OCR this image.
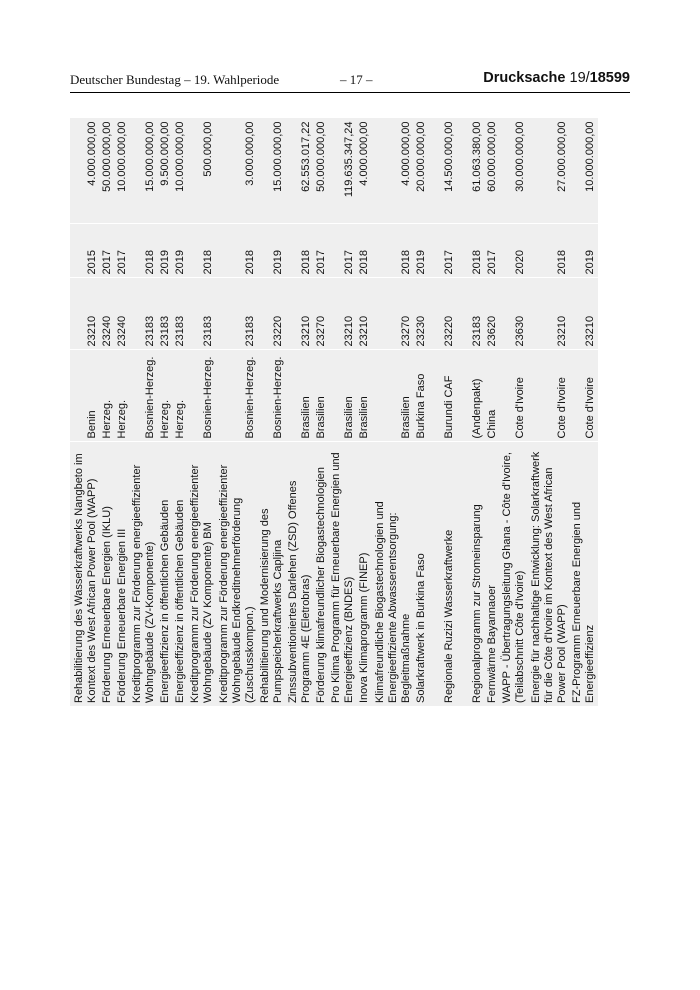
Deutscher Bundestag – 19. Wahlperiode	– 17 –	Drucksache 19/18599
Rehabilitierung des Wasserkraftwerks Nangbeto im Kontext des West African Power Pool (WAPP)	Benin	23210	2015	4.000.000,00
Förderung Erneuerbare Energien (IKLU)	Herzeg.	23240	2017	50.000.000,00
Förderung Erneuerbare Energien III	Herzeg.	23240	2017	10.000.000,00
Kreditprogramm zur Förderung energieeffizienter Wohngebäude (ZV-Komponente)	Bosnien-Herzeg.	23183	2018	15.000.000,00
Energieeffizienz in öffentlichen Gebäuden	Herzeg.	23183	2019	9.500.000,00
Energieeffizienz in öffentlichen Gebäuden	Herzeg.	23183	2019	10.000.000,00
Kreditprogramm zur Förderung energieeffizienter Wohngebäude (ZV Komponente) BM	Bosnien-Herzeg.	23183	2018	500.000,00
Kreditprogramm zur Förderung energieeffizienter Wohngebäude Endkreditnehmerförderung (Zuschusskompon.)	Bosnien-Herzeg.	23183	2018	3.000.000,00
Rehabilitierung und Modernisierung des Pumpspeicherkraftwerks Capljina	Bosnien-Herzeg.	23220	2019	15.000.000,00
Zinssubventioniertes Darlehen (ZSD) Offenes Programm 4E (Eletrobras)	Brasilien	23210	2018	62.553.017,22
Förderung klimafreundlicher Biogastechnologien	Brasilien	23270	2017	50.000.000,00
Pro Klima Programm für Erneuerbare Energien und Energieeffizienz (BNDES)	Brasilien	23210	2017	119.635.347,24
Inova Klimaprogramm (FINEP)	Brasilien	23210	2018	4.000.000,00
Klimafreundliche Biogastechnologien und Energieeffiziente Abwasserentsorgung: Begleitmaßnahme	Brasilien	23270	2018	4.000.000,00
Solarkraftwerk in Burkina Faso	Burkina Faso	23230	2019	20.000.000,00
Regionale Ruzizi Wasserkraftwerke	Burundi CAF	23220	2017	14.500.000,00
Regionalprogramm zur Stromeinsparung	(Andenpakt)	23183	2018	61.063.380,00
Fernwärme Bayannaoer	China	23620	2017	60.000.000,00
WAPP - Übertragungsleitung Ghana - Côte d'Ivoire, (Teilabschnitt Côte d'Ivoire)	Cote d'Ivoire	23630	2020	30.000.000,00
Energie für nachhaltige Entwicklung: Solarkraftwerk für die Côte d'Ivoire im Kontext des West African Power Pool (WAPP)	Cote d'Ivoire	23210	2018	27.000.000,00
FZ-Programm Erneuerbare Energien und Energieeffizienz	Cote d'Ivoire	23210	2019	10.000.000,00
